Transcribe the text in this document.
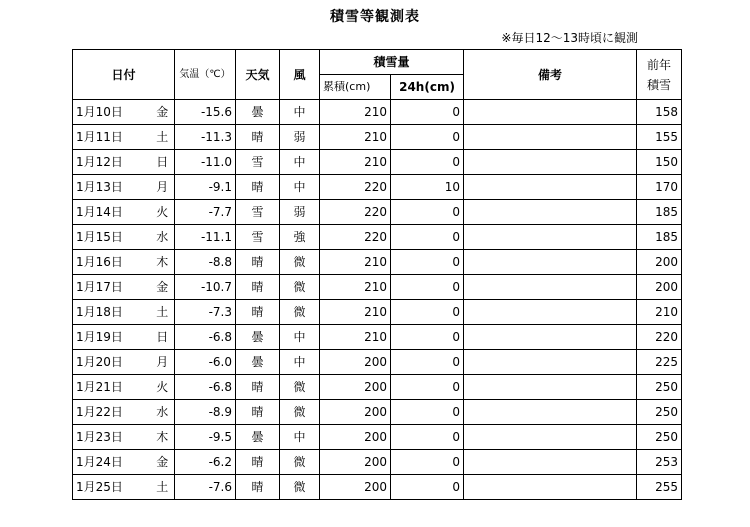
積雪等観測表
※毎日12〜13時頃に観測
日付		気温（℃）	天気	風	積雪量		備考	前年
積雪
					累積(cm)	24h(cm)		
1月10日	金	-15.6	曇	中	210	0		158
1月11日	土	-11.3	晴	弱	210	0		155
1月12日	日	-11.0	雪	中	210	0		150
1月13日	月	-9.1	晴	中	220	10		170
1月14日	火	-7.7	雪	弱	220	0		185
1月15日	水	-11.1	雪	強	220	0		185
1月16日	木	-8.8	晴	微	210	0		200
1月17日	金	-10.7	晴	微	210	0		200
1月18日	土	-7.3	晴	微	210	0		210
1月19日	日	-6.8	曇	中	210	0		220
1月20日	月	-6.0	曇	中	200	0		225
1月21日	火	-6.8	晴	微	200	0		250
1月22日	水	-8.9	晴	微	200	0		250
1月23日	木	-9.5	曇	中	200	0		250
1月24日	金	-6.2	晴	微	200	0		253
1月25日	土	-7.6	晴	微	200	0		255
